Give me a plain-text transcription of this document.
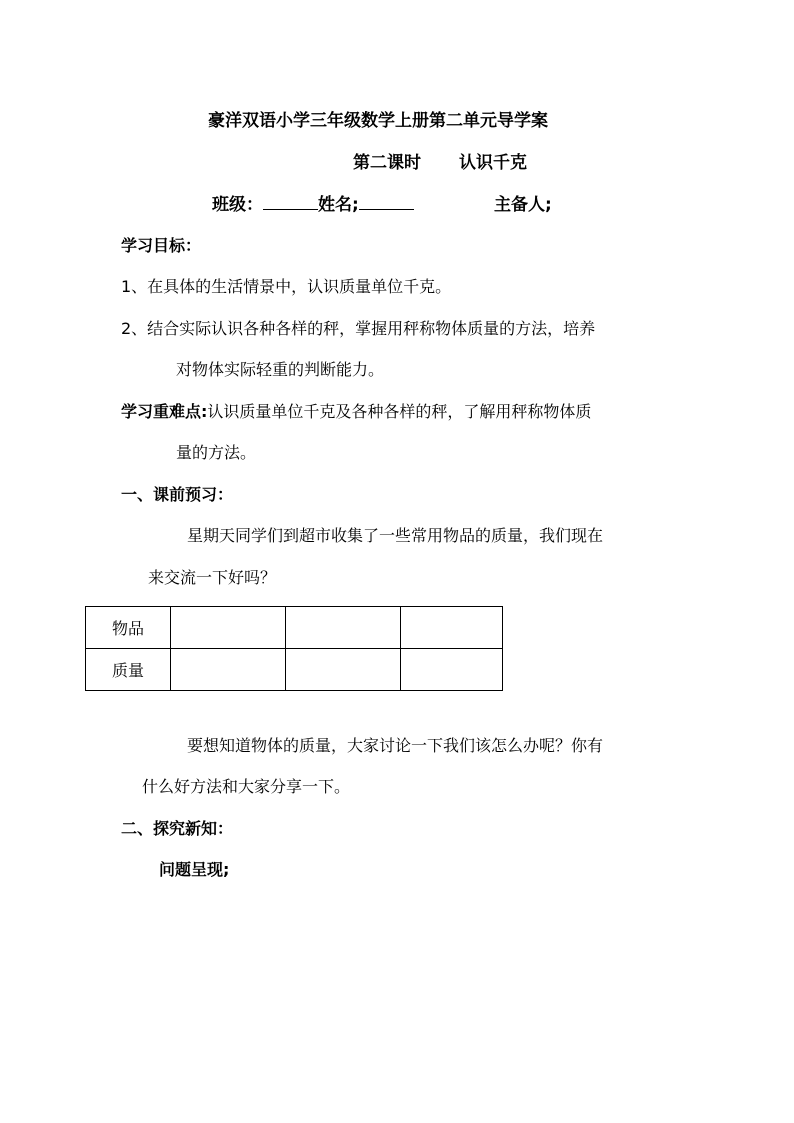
豪洋双语小学三年级数学上册第二单元导学案
第二课时 认识千克
班级：	姓名;	主备人;
学习目标：
1、在具体的生活情景中，认识质量单位千克。
2、结合实际认识各种各样的秤，掌握用秤称物体质量的方法，培养
对物体实际轻重的判断能力。
学习重难点:认识质量单位千克及各种各样的秤，了解用秤称物体质
量的方法。
一、课前预习：
星期天同学们到超市收集了一些常用物品的质量，我们现在
来交流一下好吗？
物品			
质量			
要想知道物体的质量，大家讨论一下我们该怎么办呢？你有
什么好方法和大家分享一下。
二、探究新知：
问题呈现;
